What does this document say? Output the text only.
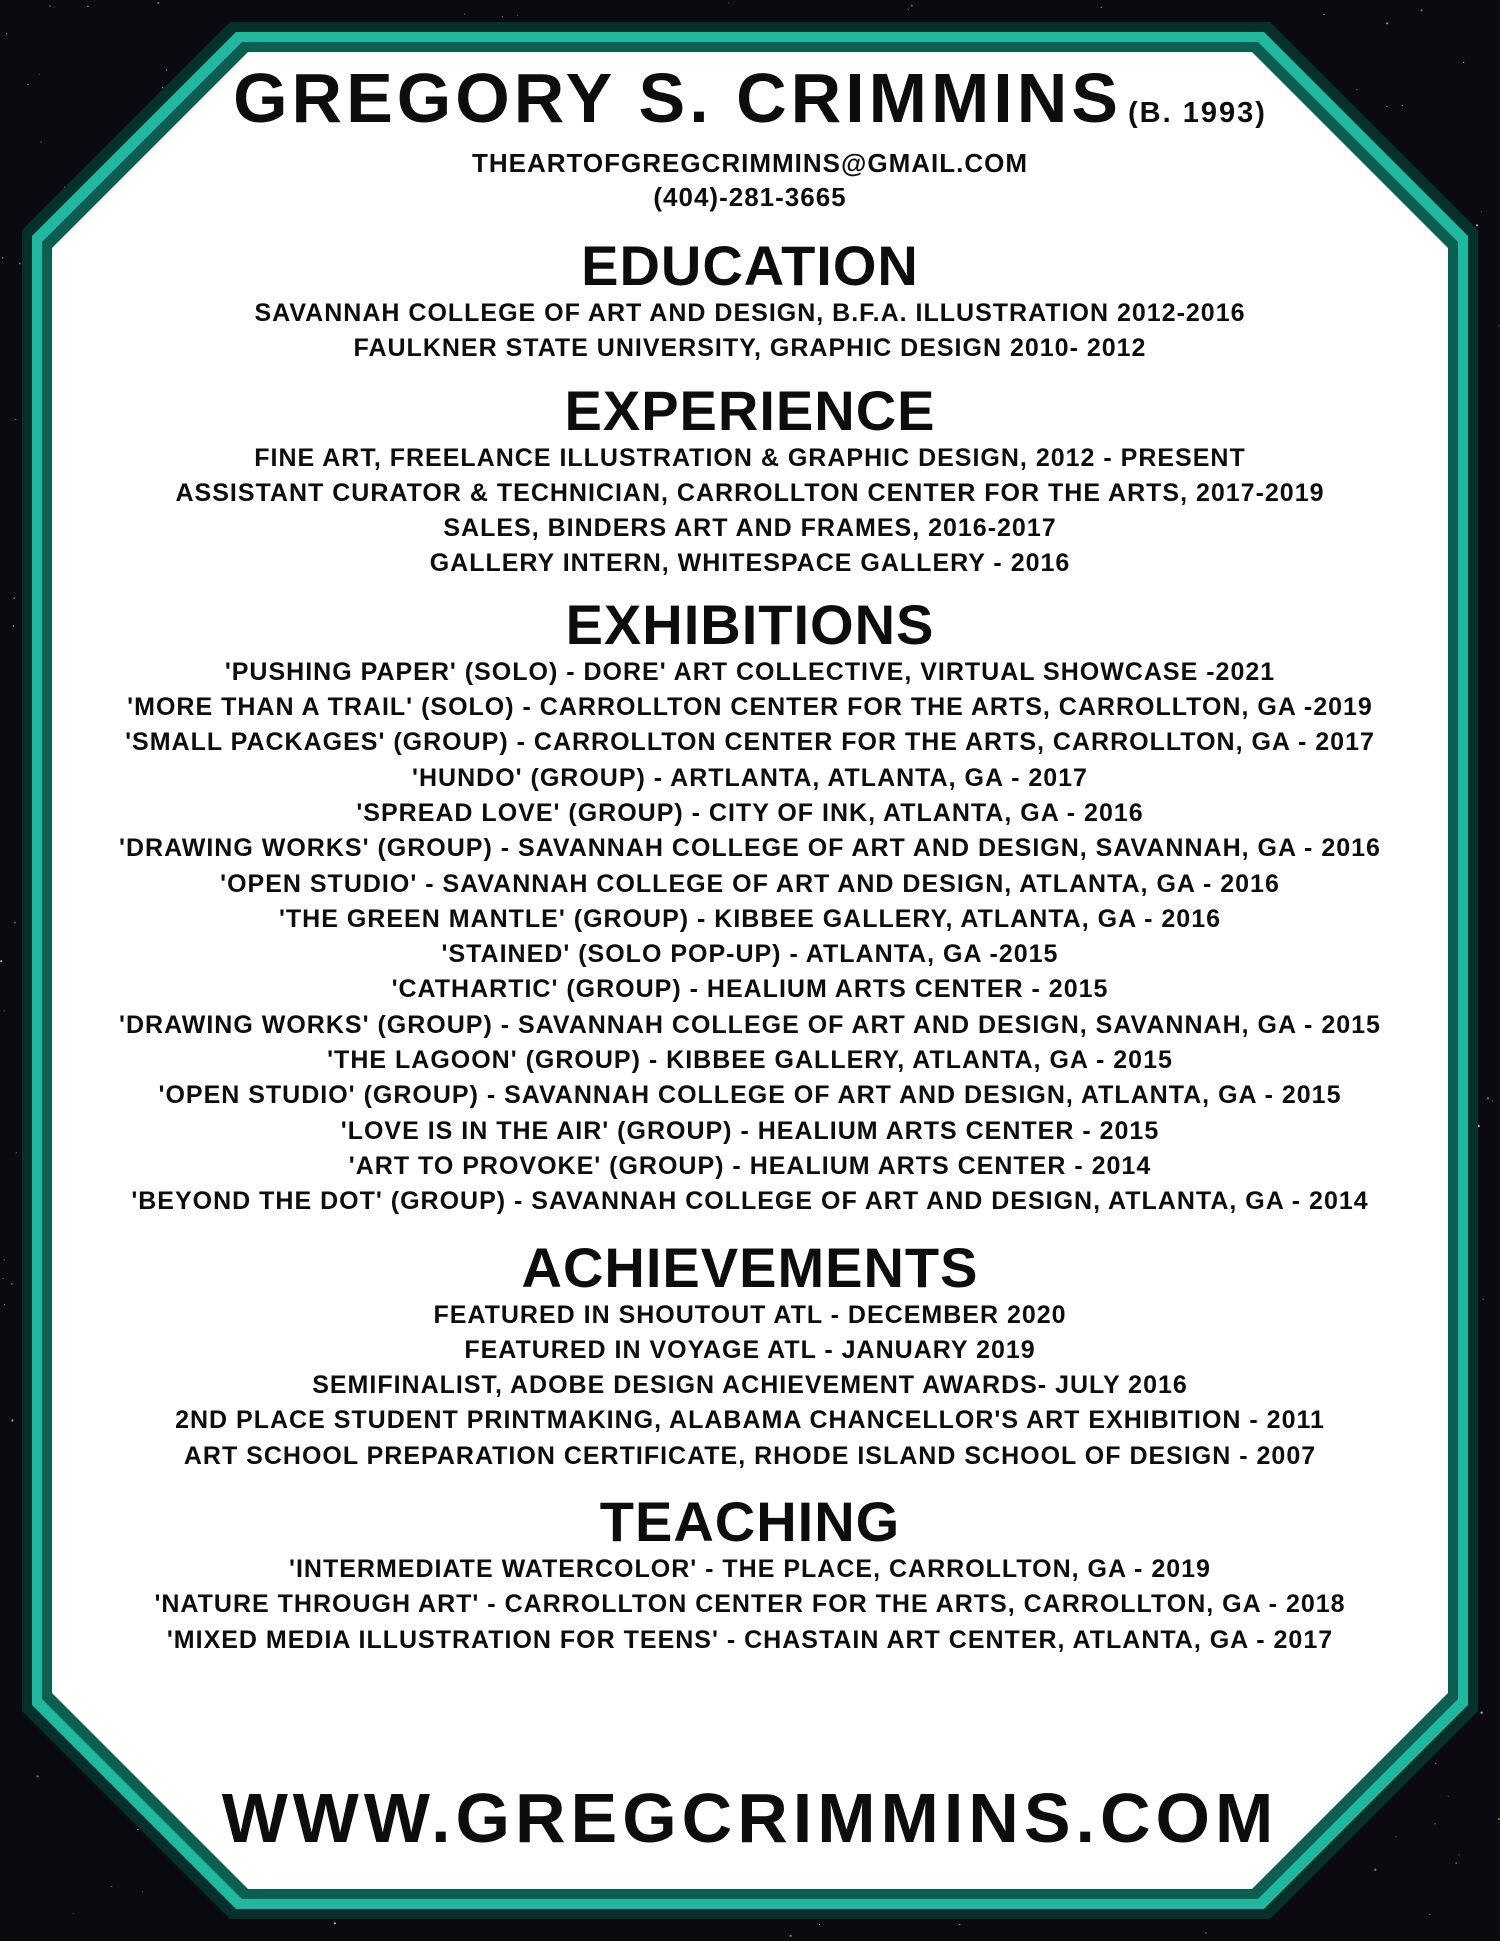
GREGORY S. CRIMMINS (B. 1993)
THEARTOFGREGCRIMMINS@GMAIL.COM
(404)-281-3665
EDUCATION
SAVANNAH COLLEGE OF ART AND DESIGN, B.F.A. ILLUSTRATION 2012-2016
FAULKNER STATE UNIVERSITY, GRAPHIC DESIGN 2010- 2012
EXPERIENCE
FINE ART, FREELANCE ILLUSTRATION & GRAPHIC DESIGN, 2012 - PRESENT
ASSISTANT CURATOR & TECHNICIAN, CARROLLTON CENTER FOR THE ARTS, 2017-2019
SALES, BINDERS ART AND FRAMES, 2016-2017
GALLERY INTERN, WHITESPACE GALLERY - 2016
EXHIBITIONS
'PUSHING PAPER' (SOLO) - DORE' ART COLLECTIVE, VIRTUAL SHOWCASE -2021
'MORE THAN A TRAIL' (SOLO) - CARROLLTON CENTER FOR THE ARTS, CARROLLTON, GA -2019
'SMALL PACKAGES' (GROUP) - CARROLLTON CENTER FOR THE ARTS, CARROLLTON, GA - 2017
'HUNDO' (GROUP) - ARTLANTA, ATLANTA, GA - 2017
'SPREAD LOVE' (GROUP) - CITY OF INK, ATLANTA, GA - 2016
'DRAWING WORKS' (GROUP) - SAVANNAH COLLEGE OF ART AND DESIGN, SAVANNAH, GA - 2016
'OPEN STUDIO' - SAVANNAH COLLEGE OF ART AND DESIGN, ATLANTA, GA - 2016
'THE GREEN MANTLE' (GROUP) - KIBBEE GALLERY, ATLANTA, GA - 2016
'STAINED' (SOLO POP-UP) - ATLANTA, GA -2015
'CATHARTIC' (GROUP) - HEALIUM ARTS CENTER - 2015
'DRAWING WORKS' (GROUP) - SAVANNAH COLLEGE OF ART AND DESIGN, SAVANNAH, GA - 2015
'THE LAGOON' (GROUP) - KIBBEE GALLERY, ATLANTA, GA - 2015
'OPEN STUDIO' (GROUP) - SAVANNAH COLLEGE OF ART AND DESIGN, ATLANTA, GA - 2015
'LOVE IS IN THE AIR' (GROUP) - HEALIUM ARTS CENTER - 2015
'ART TO PROVOKE' (GROUP) - HEALIUM ARTS CENTER - 2014
'BEYOND THE DOT' (GROUP) - SAVANNAH COLLEGE OF ART AND DESIGN, ATLANTA, GA - 2014
ACHIEVEMENTS
FEATURED IN SHOUTOUT ATL - DECEMBER 2020
FEATURED IN VOYAGE ATL - JANUARY 2019
SEMIFINALIST, ADOBE DESIGN ACHIEVEMENT AWARDS- JULY 2016
2ND PLACE STUDENT PRINTMAKING, ALABAMA CHANCELLOR'S ART EXHIBITION - 2011
ART SCHOOL PREPARATION CERTIFICATE, RHODE ISLAND SCHOOL OF DESIGN - 2007
TEACHING
'INTERMEDIATE WATERCOLOR' - THE PLACE, CARROLLTON, GA - 2019
'NATURE THROUGH ART' - CARROLLTON CENTER FOR THE ARTS, CARROLLTON, GA - 2018
'MIXED MEDIA ILLUSTRATION FOR TEENS' - CHASTAIN ART CENTER, ATLANTA, GA - 2017
WWW.GREGCRIMMINS.COM
